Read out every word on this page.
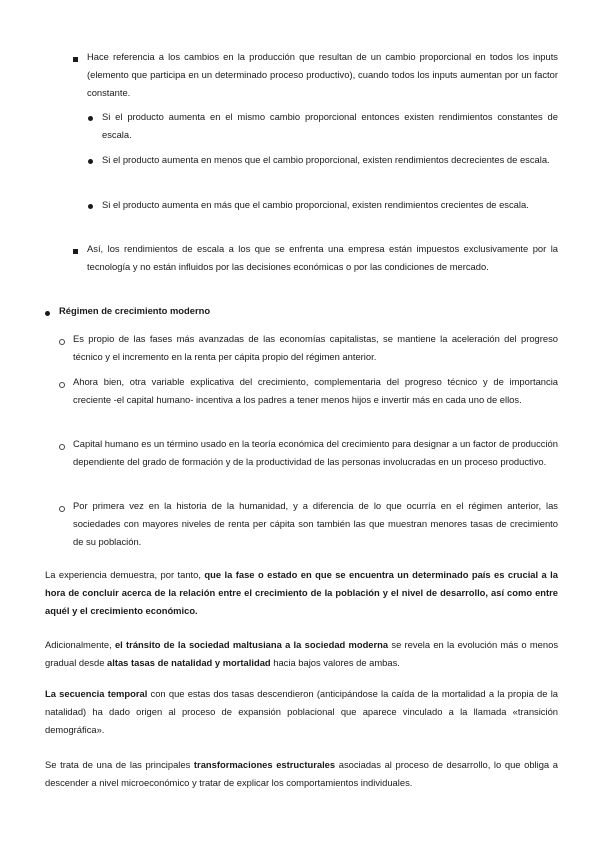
Hace referencia a los cambios en la producción que resultan de un cambio proporcional en todos los inputs (elemento que participa en un determinado proceso productivo), cuando todos los inputs aumentan por un factor constante.
Si el producto aumenta en el mismo cambio proporcional entonces existen rendimientos constantes de escala.
Si el producto aumenta en menos que el cambio proporcional, existen rendimientos decrecientes de escala.
Si el producto aumenta en más que el cambio proporcional, existen rendimientos crecientes de escala.
Así, los rendimientos de escala a los que se enfrenta una empresa están impuestos exclusivamente por la tecnología y no están influidos por las decisiones económicas o por las condiciones de mercado.
Régimen de crecimiento moderno
Es propio de las fases más avanzadas de las economías capitalistas, se mantiene la aceleración del progreso técnico y el incremento en la renta per cápita propio del régimen anterior.
Ahora bien, otra variable explicativa del crecimiento, complementaria del progreso técnico y de importancia creciente -el capital humano- incentiva a los padres a tener menos hijos e invertir más en cada uno de ellos.
Capital humano es un término usado en la teoría económica del crecimiento para designar a un factor de producción dependiente del grado de formación y de la productividad de las personas involucradas en un proceso productivo.
Por primera vez en la historia de la humanidad, y a diferencia de lo que ocurría en el régimen anterior, las sociedades con mayores niveles de renta per cápita son también las que muestran menores tasas de crecimiento de su población.
La experiencia demuestra, por tanto, que la fase o estado en que se encuentra un determinado país es crucial a la hora de concluir acerca de la relación entre el crecimiento de la población y el nivel de desarrollo, así como entre aquél y el crecimiento económico.
Adicionalmente, el tránsito de la sociedad maltusiana a la sociedad moderna se revela en la evolución más o menos gradual desde altas tasas de natalidad y mortalidad hacia bajos valores de ambas.
La secuencia temporal con que estas dos tasas descendieron (anticipándose la caída de la mortalidad a la propia de la natalidad) ha dado origen al proceso de expansión poblacional que aparece vinculado a la llamada «transición demográfica».
Se trata de una de las principales transformaciones estructurales asociadas al proceso de desarrollo, lo que obliga a descender a nivel microeconómico y tratar de explicar los comportamientos individuales.
